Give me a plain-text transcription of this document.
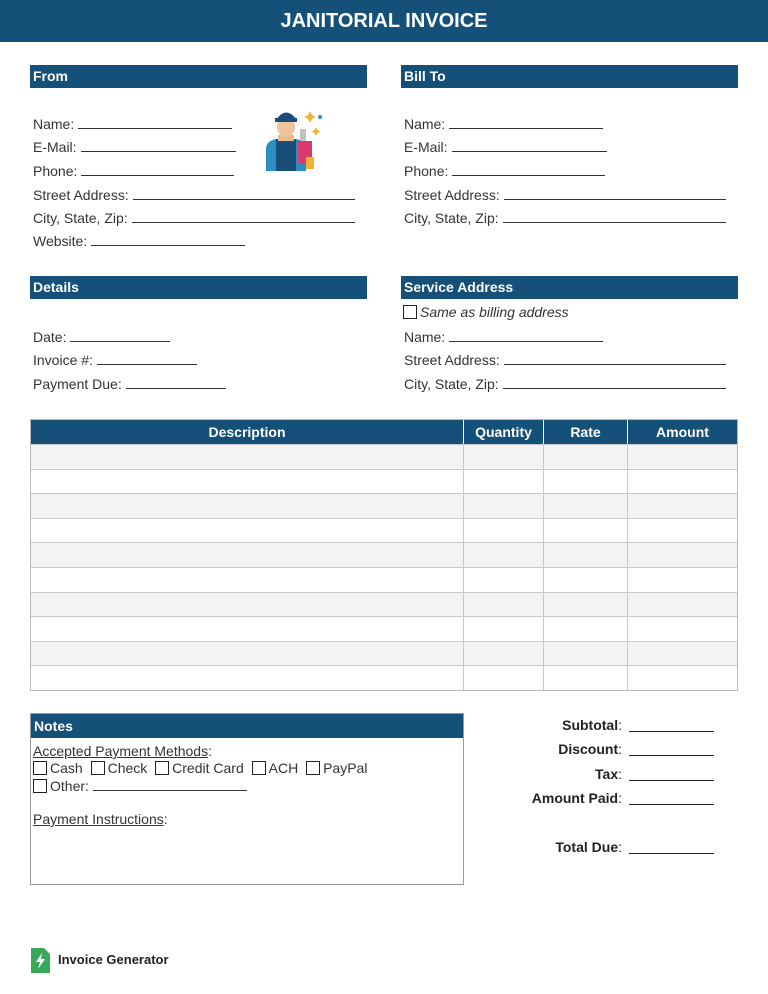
JANITORIAL INVOICE
From
Name:
E-Mail:
Phone:
Street Address:
City, State, Zip:
Website:
Bill To
Name:
E-Mail:
Phone:
Street Address:
City, State, Zip:
Details
Date:
Invoice #:
Payment Due:
Service Address
Same as billing address
Name:
Street Address:
City, State, Zip:
Description	Quantity	Rate	Amount
Notes
Accepted Payment Methods:
Cash Check Credit Card ACH PayPal
Other:
Payment Instructions:
Subtotal:
Discount:
Tax:
Amount Paid:
Total Due:
Invoice Generator
